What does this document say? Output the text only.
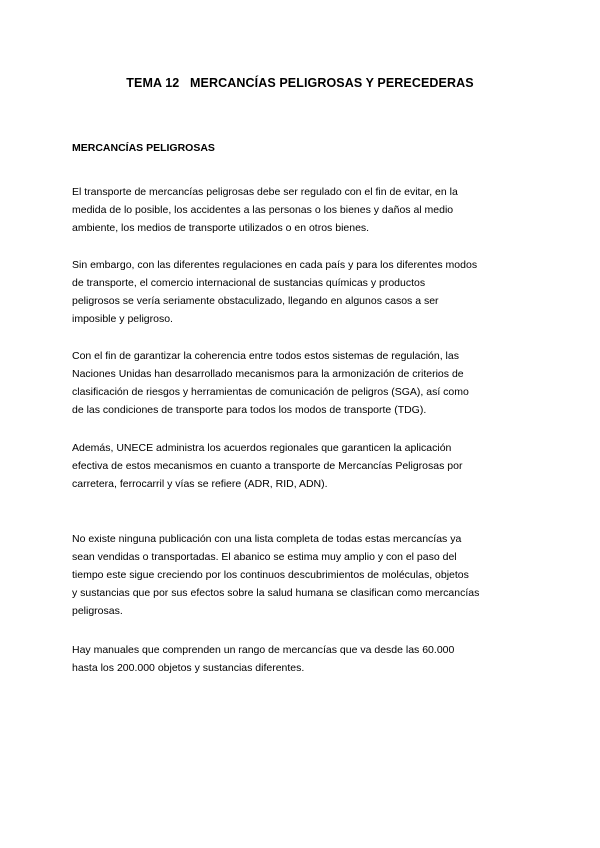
TEMA 12   MERCANCÍAS PELIGROSAS Y PERECEDERAS
MERCANCÍAS PELIGROSAS

El transporte de mercancías peligrosas debe ser regulado con el fin de evitar, en la
medida de lo posible, los accidentes a las personas o los bienes y daños al medio
ambiente, los medios de transporte utilizados o en otros bienes.

Sin embargo, con las diferentes regulaciones en cada país y para los diferentes modos
de transporte, el comercio internacional de sustancias químicas y productos
peligrosos se vería seriamente obstaculizado, llegando en algunos casos a ser
imposible y peligroso.

Con el fin de garantizar la coherencia entre todos estos sistemas de regulación, las
Naciones Unidas han desarrollado mecanismos para la armonización de criterios de
clasificación de riesgos y herramientas de comunicación de peligros (SGA), así como
de las condiciones de transporte para todos los modos de transporte (TDG).

Además, UNECE administra los acuerdos regionales que garanticen la aplicación
efectiva de estos mecanismos en cuanto a transporte de Mercancías Peligrosas por
carretera, ferrocarril y vías se refiere (ADR, RID, ADN).

No existe ninguna publicación con una lista completa de todas estas mercancías ya
sean vendidas o transportadas. El abanico se estima muy amplio y con el paso del
tiempo este sigue creciendo por los continuos descubrimientos de moléculas, objetos
y sustancias que por sus efectos sobre la salud humana se clasifican como mercancías
peligrosas.

Hay manuales que comprenden un rango de mercancías que va desde las 60.000
hasta los 200.000 objetos y sustancias diferentes.
